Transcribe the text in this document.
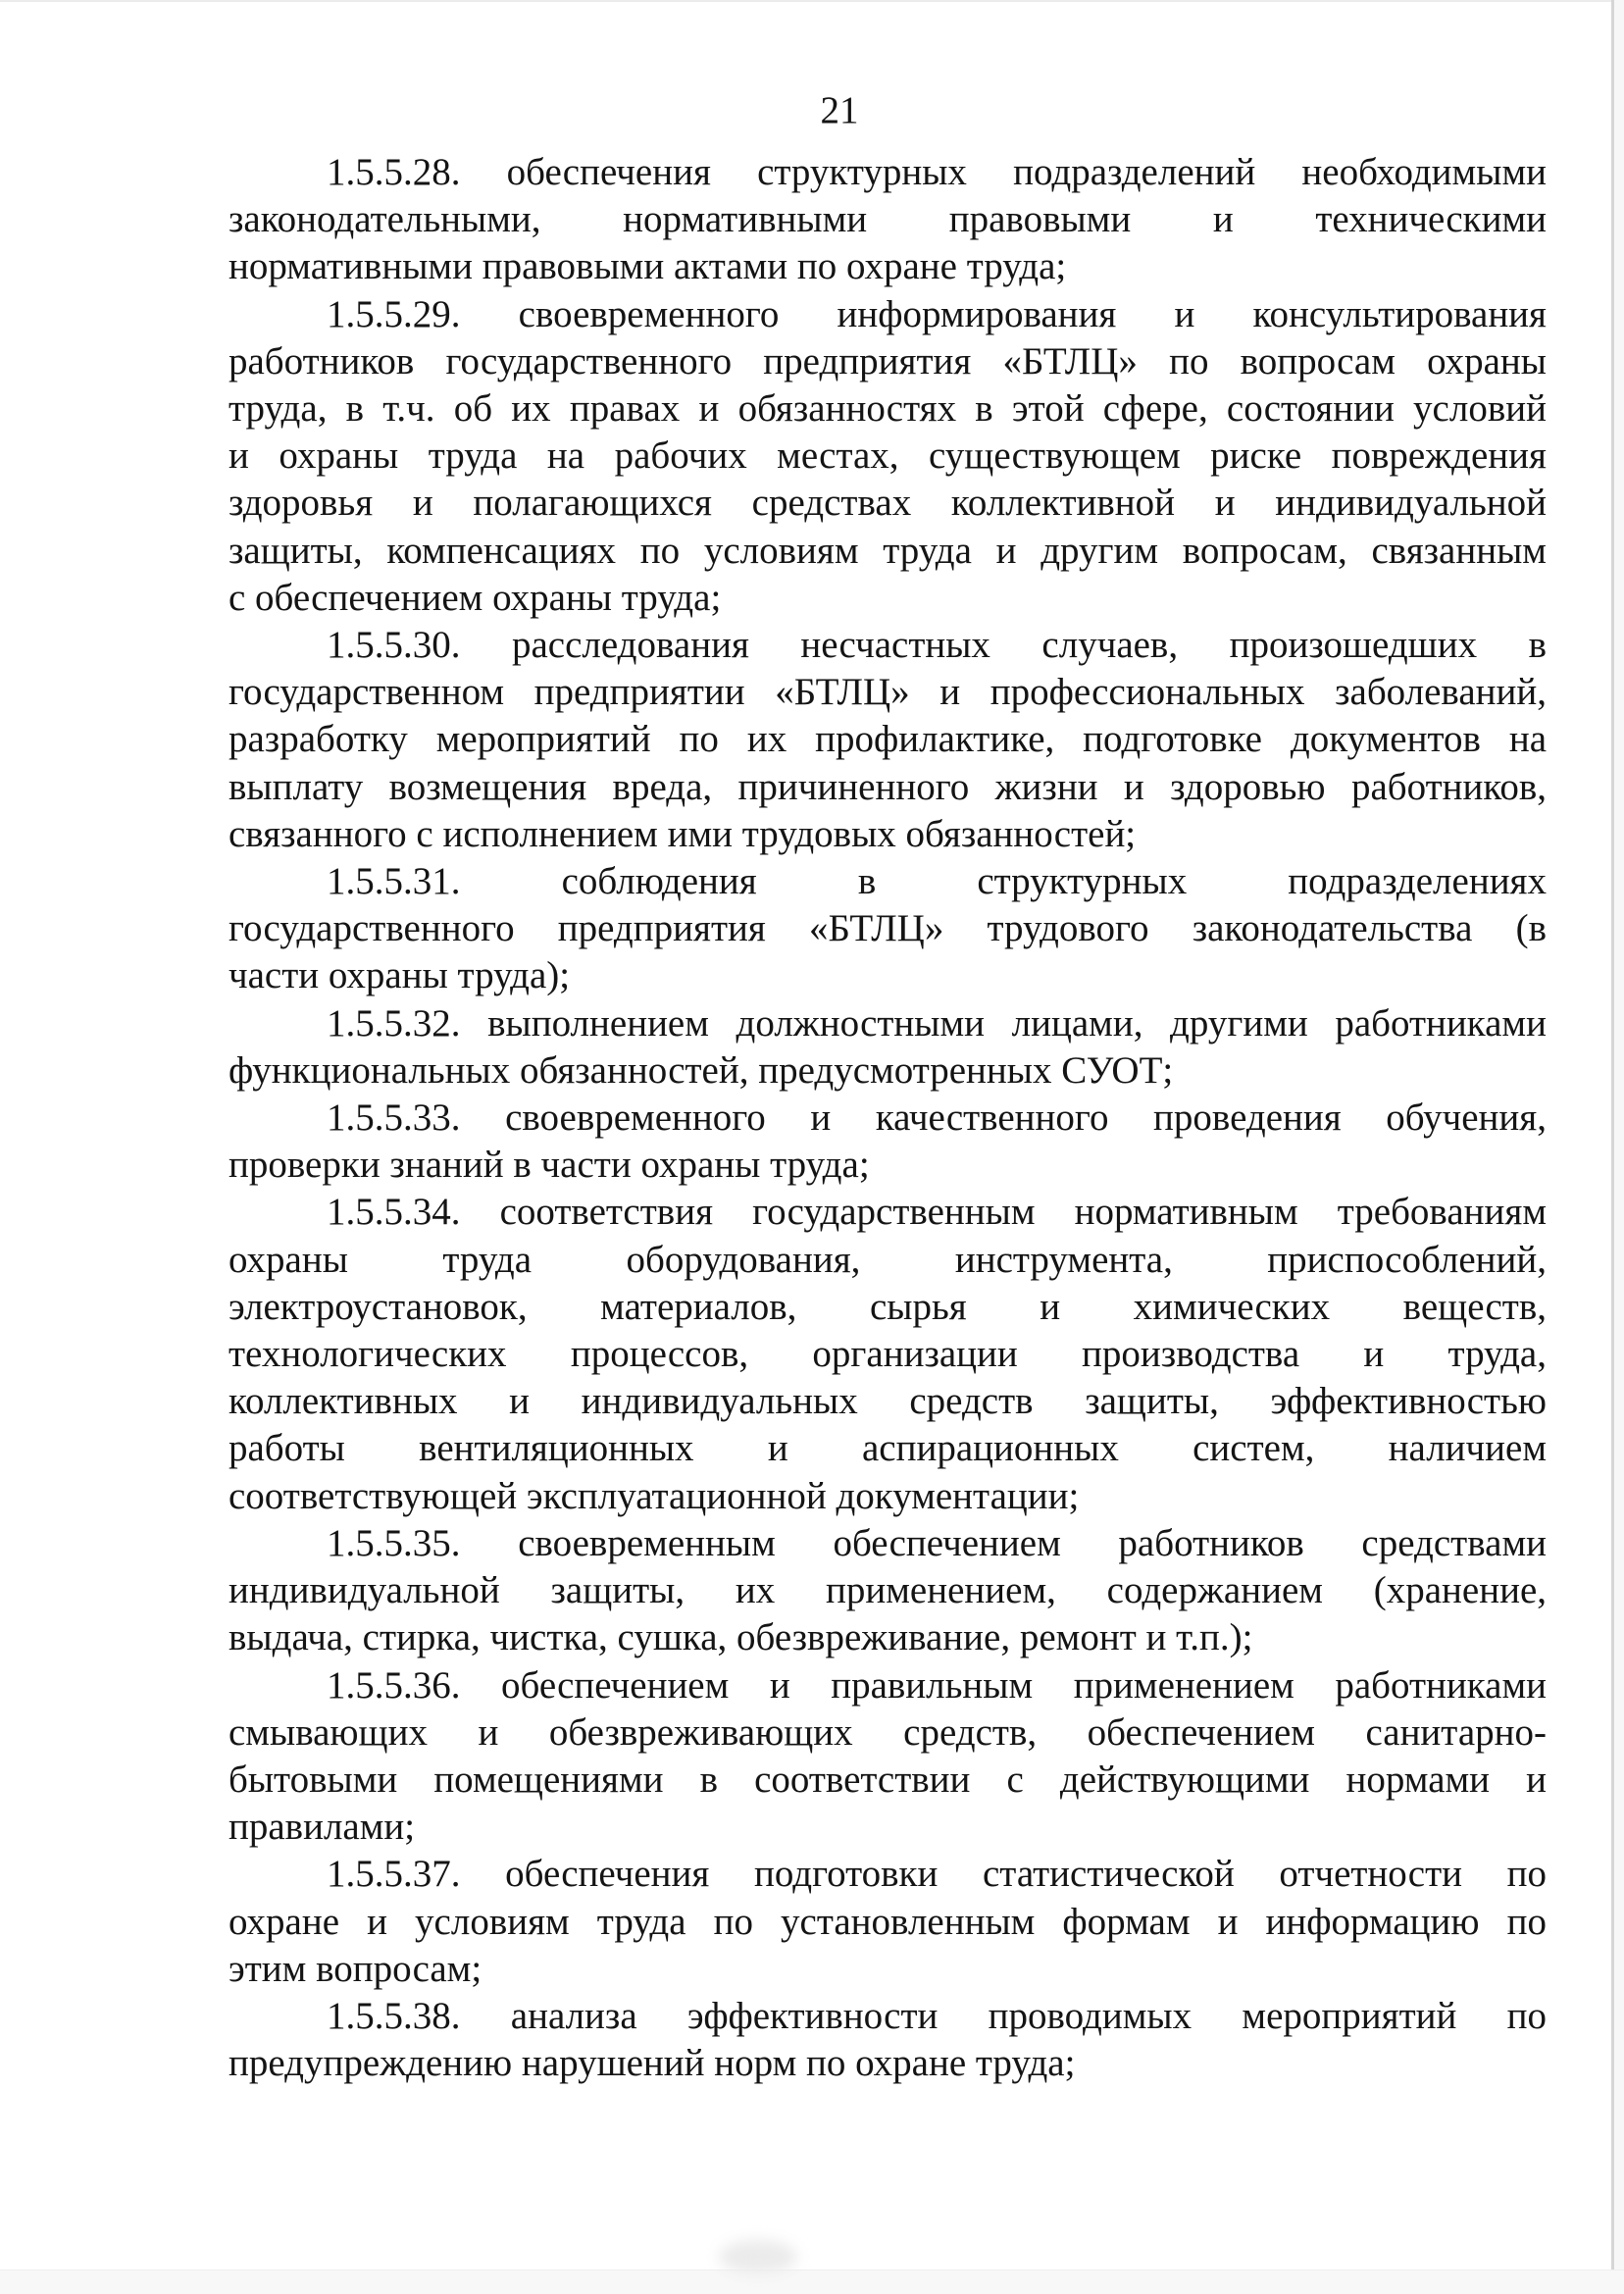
21
1.5.5.28. обеспечения структурных подразделений необходимыми
законодательными, нормативными правовыми и техническими
нормативными правовыми актами по охране труда;
1.5.5.29. своевременного информирования и консультирования
работников государственного предприятия «БТЛЦ» по вопросам охраны
труда, в т.ч. об их правах и обязанностях в этой сфере, состоянии условий
и охраны труда на рабочих местах, существующем риске повреждения
здоровья и полагающихся средствах коллективной и индивидуальной
защиты, компенсациях по условиям труда и другим вопросам, связанным
с обеспечением охраны труда;
1.5.5.30. расследования несчастных случаев, произошедших в
государственном предприятии «БТЛЦ» и профессиональных заболеваний,
разработку мероприятий по их профилактике, подготовке документов на
выплату возмещения вреда, причиненного жизни и здоровью работников,
связанного с исполнением ими трудовых обязанностей;
1.5.5.31. соблюдения в структурных подразделениях
государственного предприятия «БТЛЦ» трудового законодательства (в
части охраны труда);
1.5.5.32. выполнением должностными лицами, другими работниками
функциональных обязанностей, предусмотренных СУОТ;
1.5.5.33. своевременного и качественного проведения обучения,
проверки знаний в части охраны труда;
1.5.5.34. соответствия государственным нормативным требованиям
охраны труда оборудования, инструмента, приспособлений,
электроустановок, материалов, сырья и химических веществ,
технологических процессов, организации производства и труда,
коллективных и индивидуальных средств защиты, эффективностью
работы вентиляционных и аспирационных систем, наличием
соответствующей эксплуатационной документации;
1.5.5.35. своевременным обеспечением работников средствами
индивидуальной защиты, их применением, содержанием (хранение,
выдача, стирка, чистка, сушка, обезвреживание, ремонт и т.п.);
1.5.5.36. обеспечением и правильным применением работниками
смывающих и обезвреживающих средств, обеспечением санитарно-
бытовыми помещениями в соответствии с действующими нормами и
правилами;
1.5.5.37. обеспечения подготовки статистической отчетности по
охране и условиям труда по установленным формам и информацию по
этим вопросам;
1.5.5.38. анализа эффективности проводимых мероприятий по
предупреждению нарушений норм по охране труда;
